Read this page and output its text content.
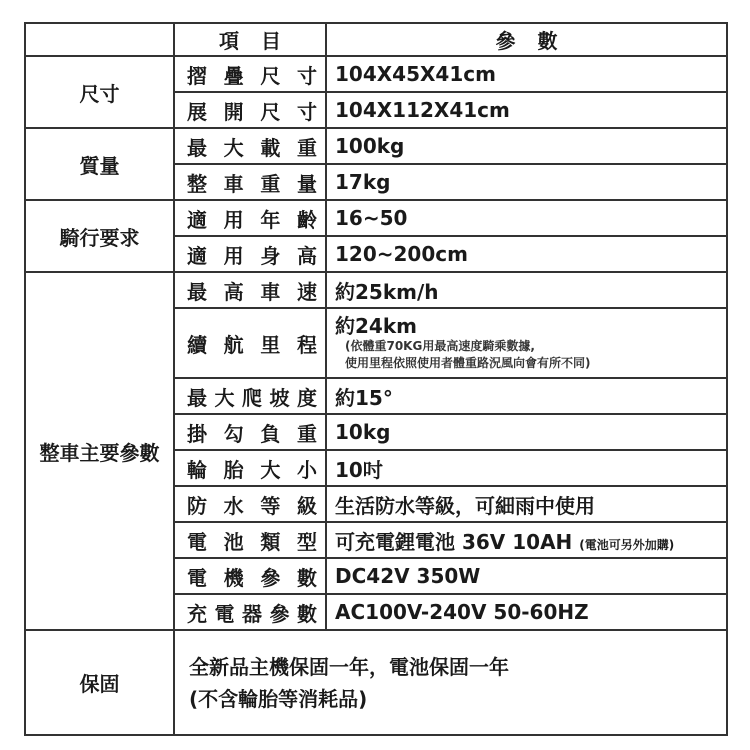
	項目	參數
尺寸	摺疊尺寸	104X45X41cm
	展開尺寸	104X112X41cm
質量	最大載重	100kg
	整車重量	17kg
騎行要求	適用年齡	16~50
	適用身高	120~200cm
整車主要參數	最高車速	約25km/h
	續航里程	約24km
(依體重70KG用最高速度騎乘數據,
使用里程依照使用者體重路況風向會有所不同)

	最大爬坡度	約15°
	掛勾負重	10kg
	輪胎大小	10吋
	防水等級	生活防水等級，可細雨中使用
	電池類型	可充電鋰電池 36V 10AH (電池可另外加購)
	電機參數	DC42V 350W
	充電器參數	AC100V-240V 50-60HZ
保固	全新品主機保固一年，電池保固一年
(不含輪胎等消耗品)	
